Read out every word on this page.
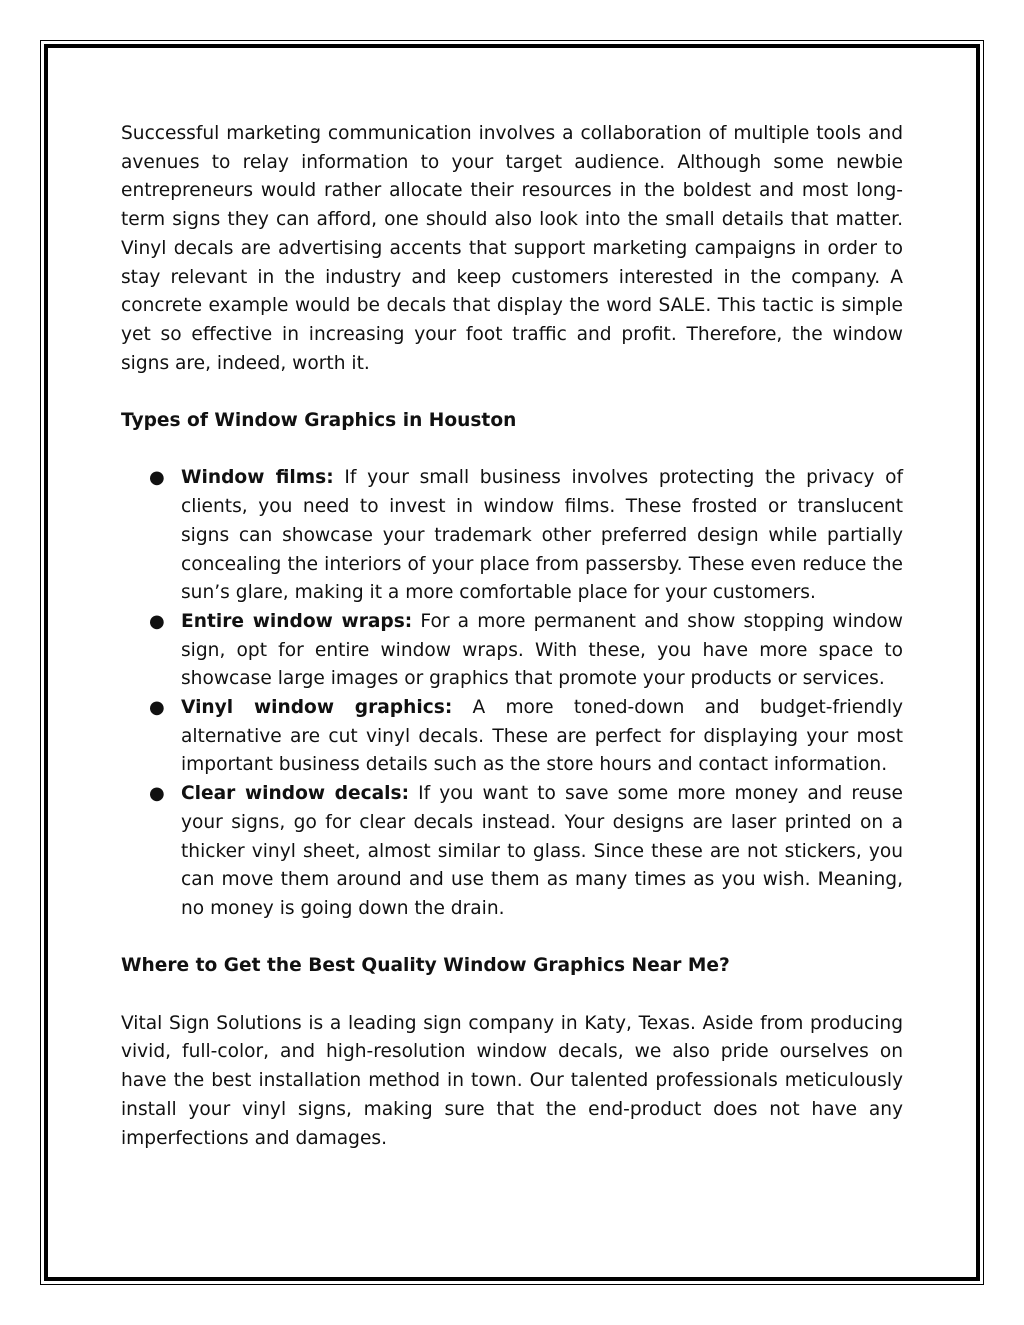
Successful marketing communication involves a collaboration of multiple tools and avenues to relay information to your target audience. Although some newbie entrepreneurs would rather allocate their resources in the boldest and most long-term signs they can afford, one should also look into the small details that matter. Vinyl decals are advertising accents that support marketing campaigns in order to stay relevant in the industry and keep customers interested in the company. A concrete example would be decals that display the word SALE. This tactic is simple yet so effective in increasing your foot traffic and profit. Therefore, the window signs are, indeed, worth it.

Types of Window Graphics in Houston

● Window films: If your small business involves protecting the privacy of clients, you need to invest in window films. These frosted or translucent signs can showcase your trademark other preferred design while partially concealing the interiors of your place from passersby. These even reduce the sun’s glare, making it a more comfortable place for your customers.
● Entire window wraps: For a more permanent and show stopping window sign, opt for entire window wraps. With these, you have more space to showcase large images or graphics that promote your products or services.
● Vinyl window graphics: A more toned-down and budget-friendly alternative are cut vinyl decals. These are perfect for displaying your most important business details such as the store hours and contact information.
● Clear window decals: If you want to save some more money and reuse your signs, go for clear decals instead. Your designs are laser printed on a thicker vinyl sheet, almost similar to glass. Since these are not stickers, you can move them around and use them as many times as you wish. Meaning, no money is going down the drain.

Where to Get the Best Quality Window Graphics Near Me?

Vital Sign Solutions is a leading sign company in Katy, Texas. Aside from producing vivid, full-color, and high-resolution window decals, we also pride ourselves on have the best installation method in town. Our talented professionals meticulously install your vinyl signs, making sure that the end-product does not have any imperfections and damages.
